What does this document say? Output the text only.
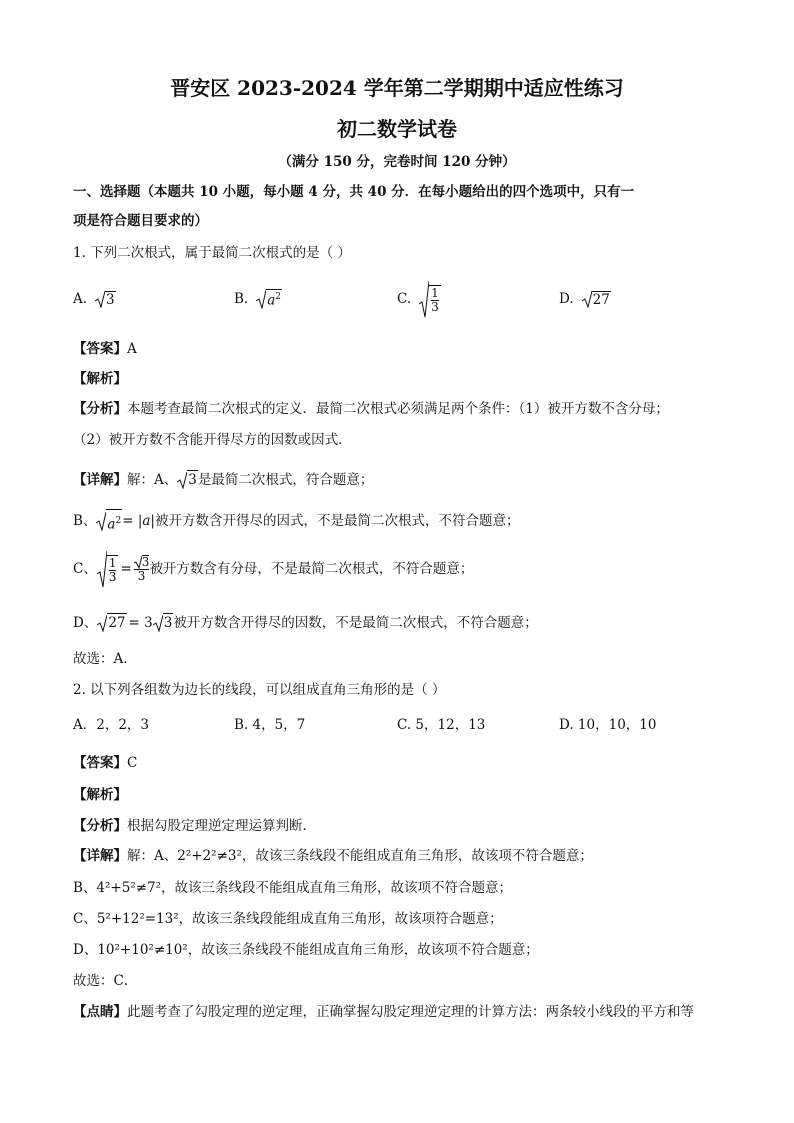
晋安区 2023-2024 学年第二学期期中适应性练习
初二数学试卷
（满分 150 分，完卷时间 120 分钟）
一、选择题（本题共 10 小题，每小题 4 分，共 40 分．在每小题给出的四个选项中，只有一
项是符合题目要求的）
1. 下列二次根式，属于最简二次根式的是（ ）
A. 3	B. $a^2$	C. $\frac{1}{3}$	D. 27
【答案】A
【解析】
【分析】本题考查最简二次根式的定义．最简二次根式必须满足两个条件：（1）被开方数不含分母；
（2）被开方数不含能开得尽方的因数或因式．
【详解】 解：A、 3 是最简二次根式，符合题意；
B、 $a^2 = |a|$ 被开方数含开得尽的因式，不是最简二次根式，不符合题意；
C、 $\frac{1}{3} = \frac{3}{3}$ 被开方数含有分母，不是最简二次根式，不符合题意；
D、 27 = 3 3 被开方数含开得尽的因数，不是最简二次根式，不符合题意；
故选：A．
2. 以下列各组数为边长的线段，可以组成直角三角形的是（ ）
A．2，2，3	B. 4，5，7	C. 5，12，13	D. 10，10，10
【答案】C
【解析】
【分析】根据勾股定理逆定理运算判断．
【详解】解：A、2²+2²≠3²，故该三条线段不能组成直角三角形，故该项不符合题意；
B、4²+5²≠7²，故该三条线段不能组成直角三角形，故该项不符合题意；
C、5²+12²=13²，故该三条线段能组成直角三角形，故该项符合题意；
D、10²+10²≠10²，故该三条线段不能组成直角三角形，故该项不符合题意；
故选：C．
【点睛】此题考查了勾股定理的逆定理，正确掌握勾股定理逆定理的计算方法：两条较小线段的平方和等
